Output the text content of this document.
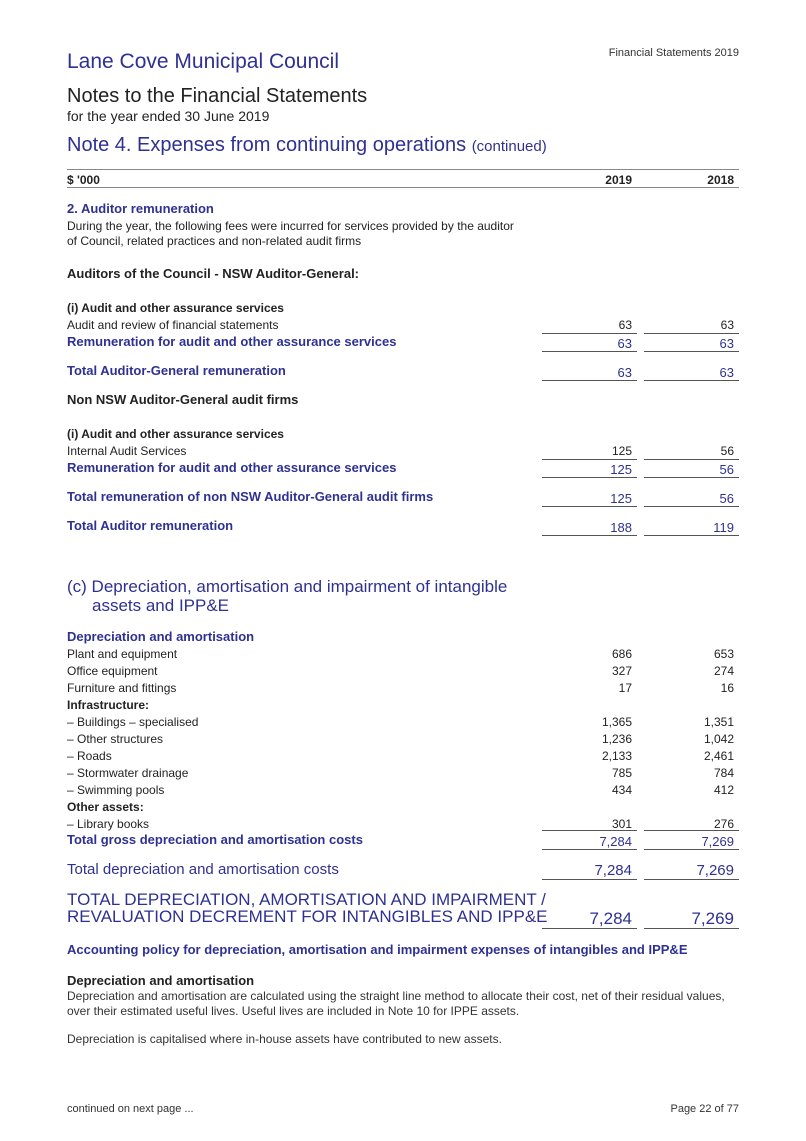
Lane Cove Municipal Council	Financial Statements 2019
Notes to the Financial Statements
for the year ended 30 June 2019
Note 4. Expenses from continuing operations (continued)
$ '000	2019	2018
2. Auditor remuneration
During the year, the following fees were incurred for services provided by the auditor
of Council, related practices and non-related audit firms
Auditors of the Council - NSW Auditor-General:
(i) Audit and other assurance services
Audit and review of financial statements	63	63
Remuneration for audit and other assurance services	63	63
Total Auditor-General remuneration	63	63
Non NSW Auditor-General audit firms
(i) Audit and other assurance services
Internal Audit Services	125	56
Remuneration for audit and other assurance services	125	56
Total remuneration of non NSW Auditor-General audit firms	125	56
Total Auditor remuneration	188	119
(c) Depreciation, amortisation and impairment of intangible
assets and IPP&E
Depreciation and amortisation
Plant and equipment	686	653
Office equipment	327	274
Furniture and fittings	17	16
Infrastructure:
– Buildings – specialised	1,365	1,351
– Other structures	1,236	1,042
– Roads	2,133	2,461
– Stormwater drainage	785	784
– Swimming pools	434	412
Other assets:
– Library books	301	276
Total gross depreciation and amortisation costs	7,284	7,269
Total depreciation and amortisation costs	7,284	7,269
TOTAL DEPRECIATION, AMORTISATION AND IMPAIRMENT /
REVALUATION DECREMENT FOR INTANGIBLES AND IPP&E	7,284	7,269
Accounting policy for depreciation, amortisation and impairment expenses of intangibles and IPP&E
Depreciation and amortisation
Depreciation and amortisation are calculated using the straight line method to allocate their cost, net of their residual values,
over their estimated useful lives. Useful lives are included in Note 10 for IPPE assets.
Depreciation is capitalised where in-house assets have contributed to new assets.
continued on next page ...	Page 22 of 77
